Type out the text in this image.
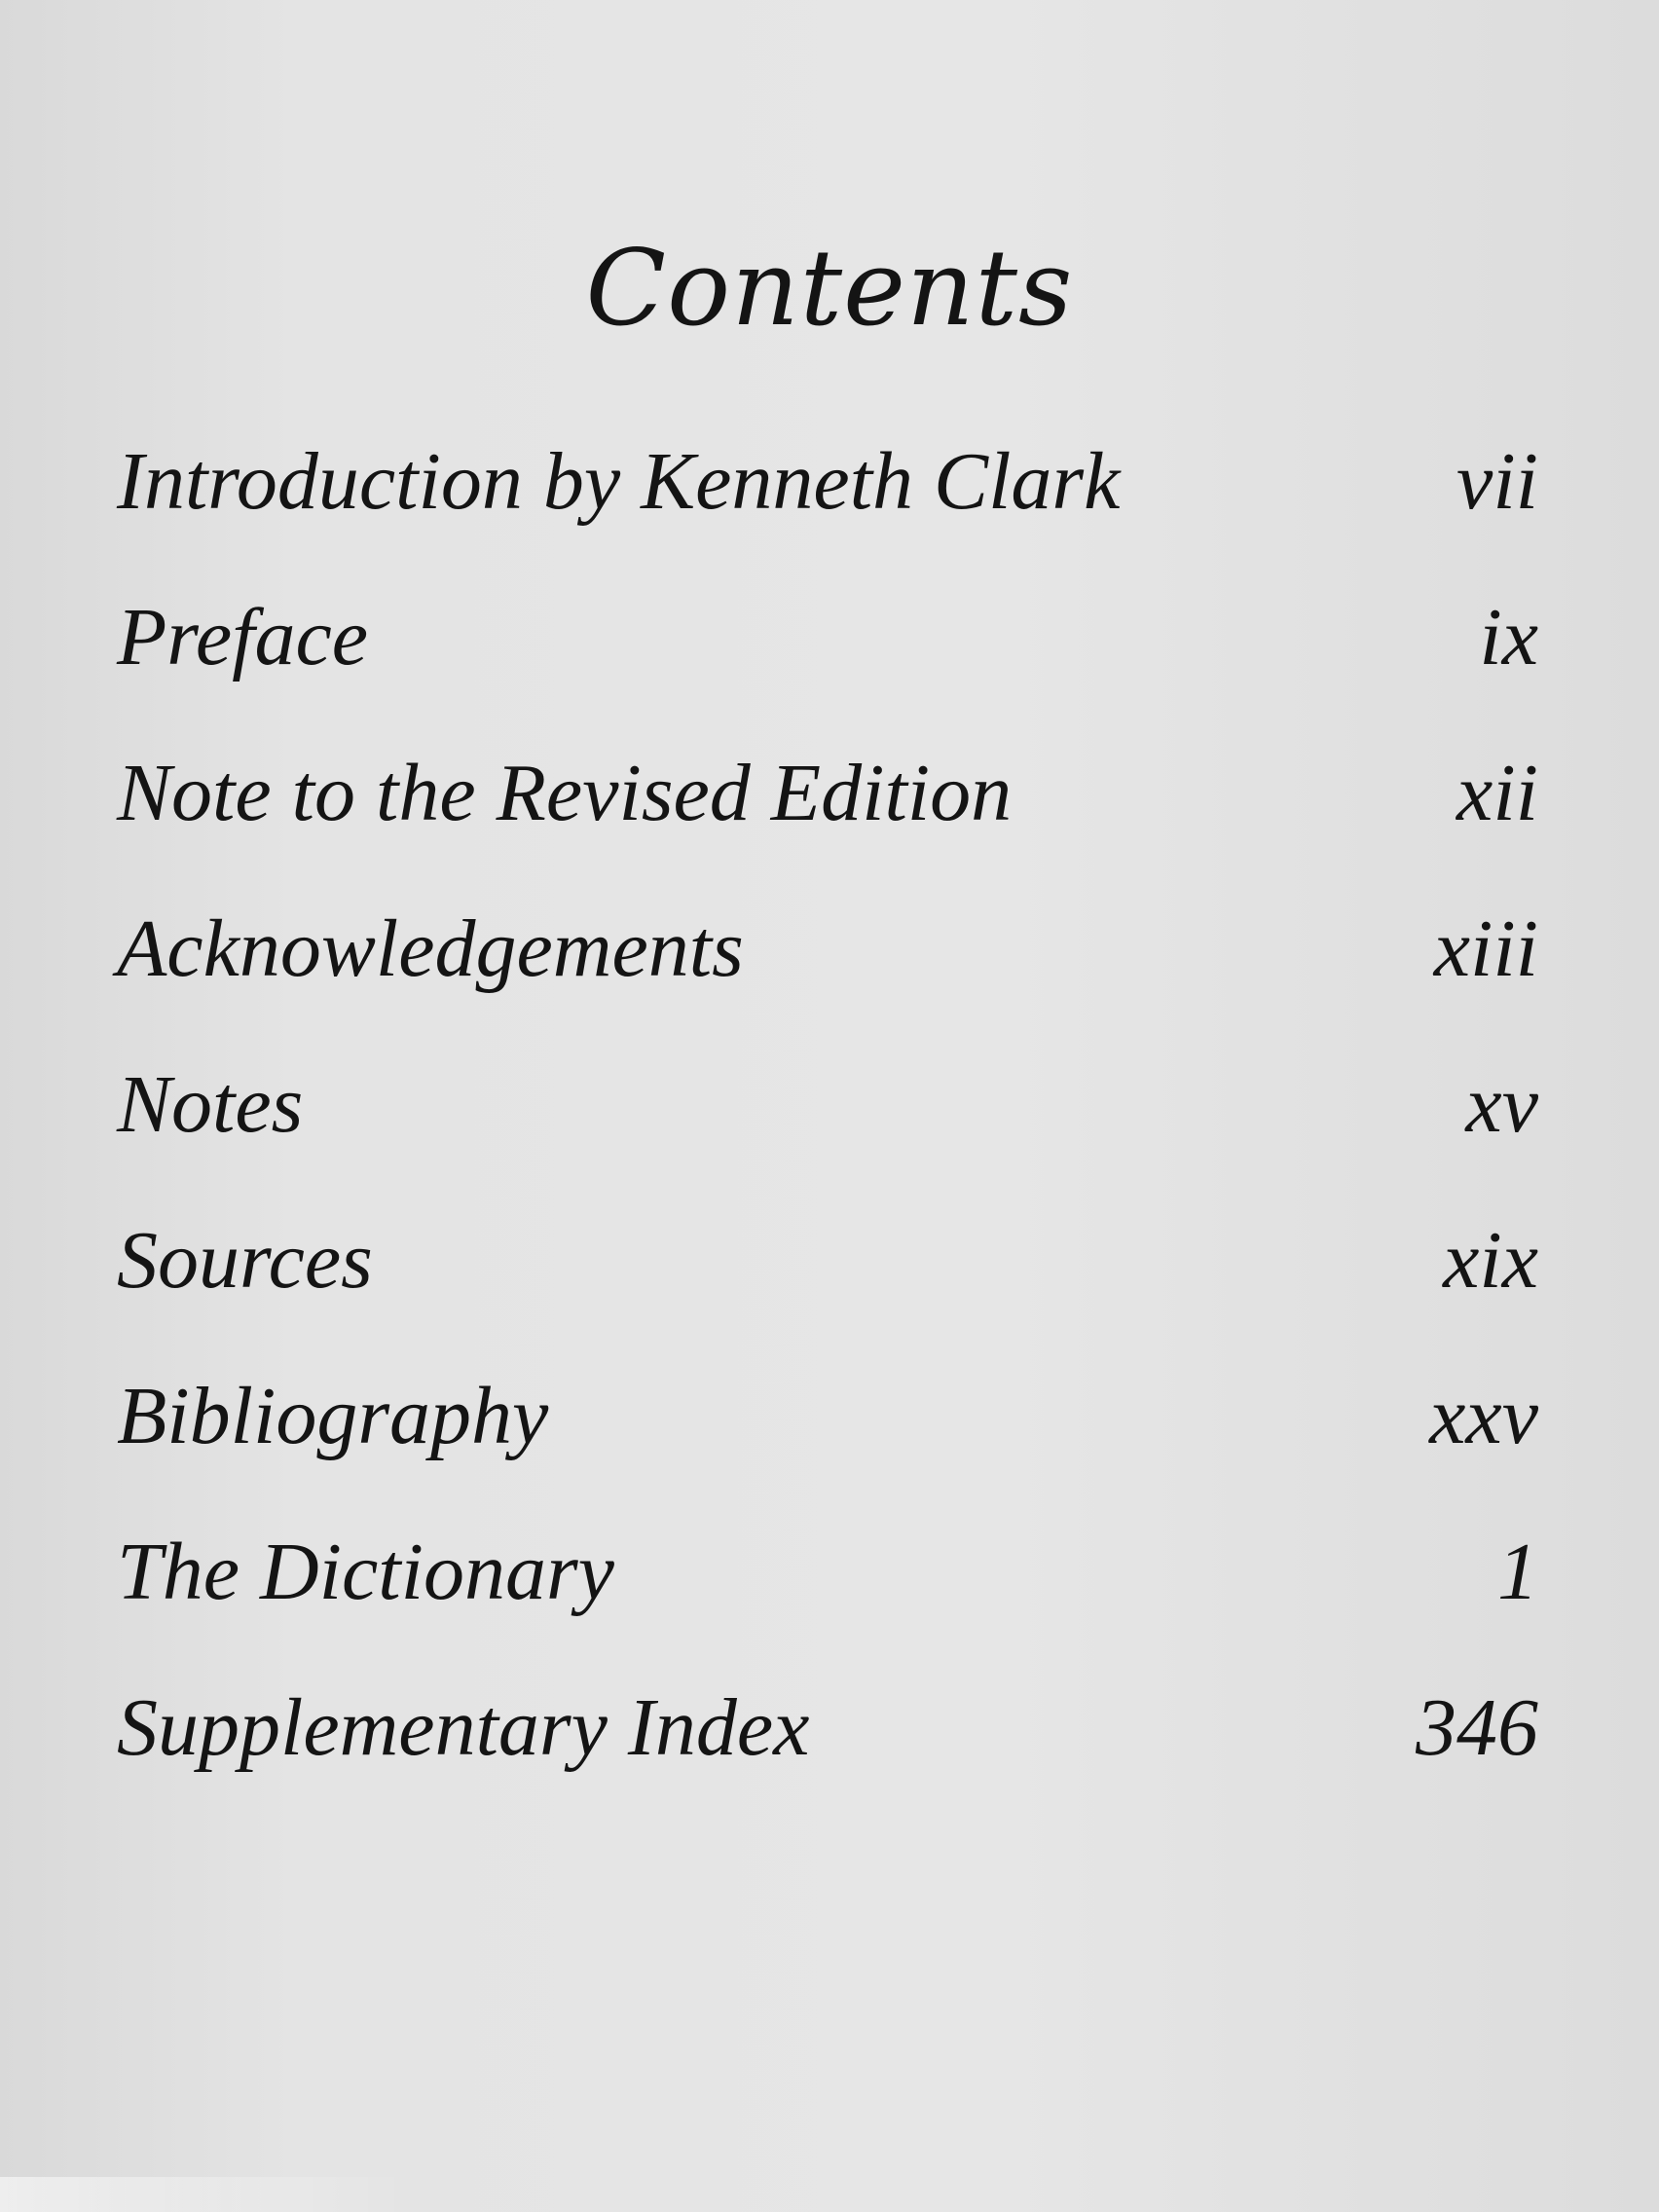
Contents
Introduction by Kenneth Clark	vii
Preface	ix
Note to the Revised Edition	xii
Acknowledgements	xiii
Notes	xv
Sources	xix
Bibliography	xxv
The Dictionary	1
Supplementary Index	346
